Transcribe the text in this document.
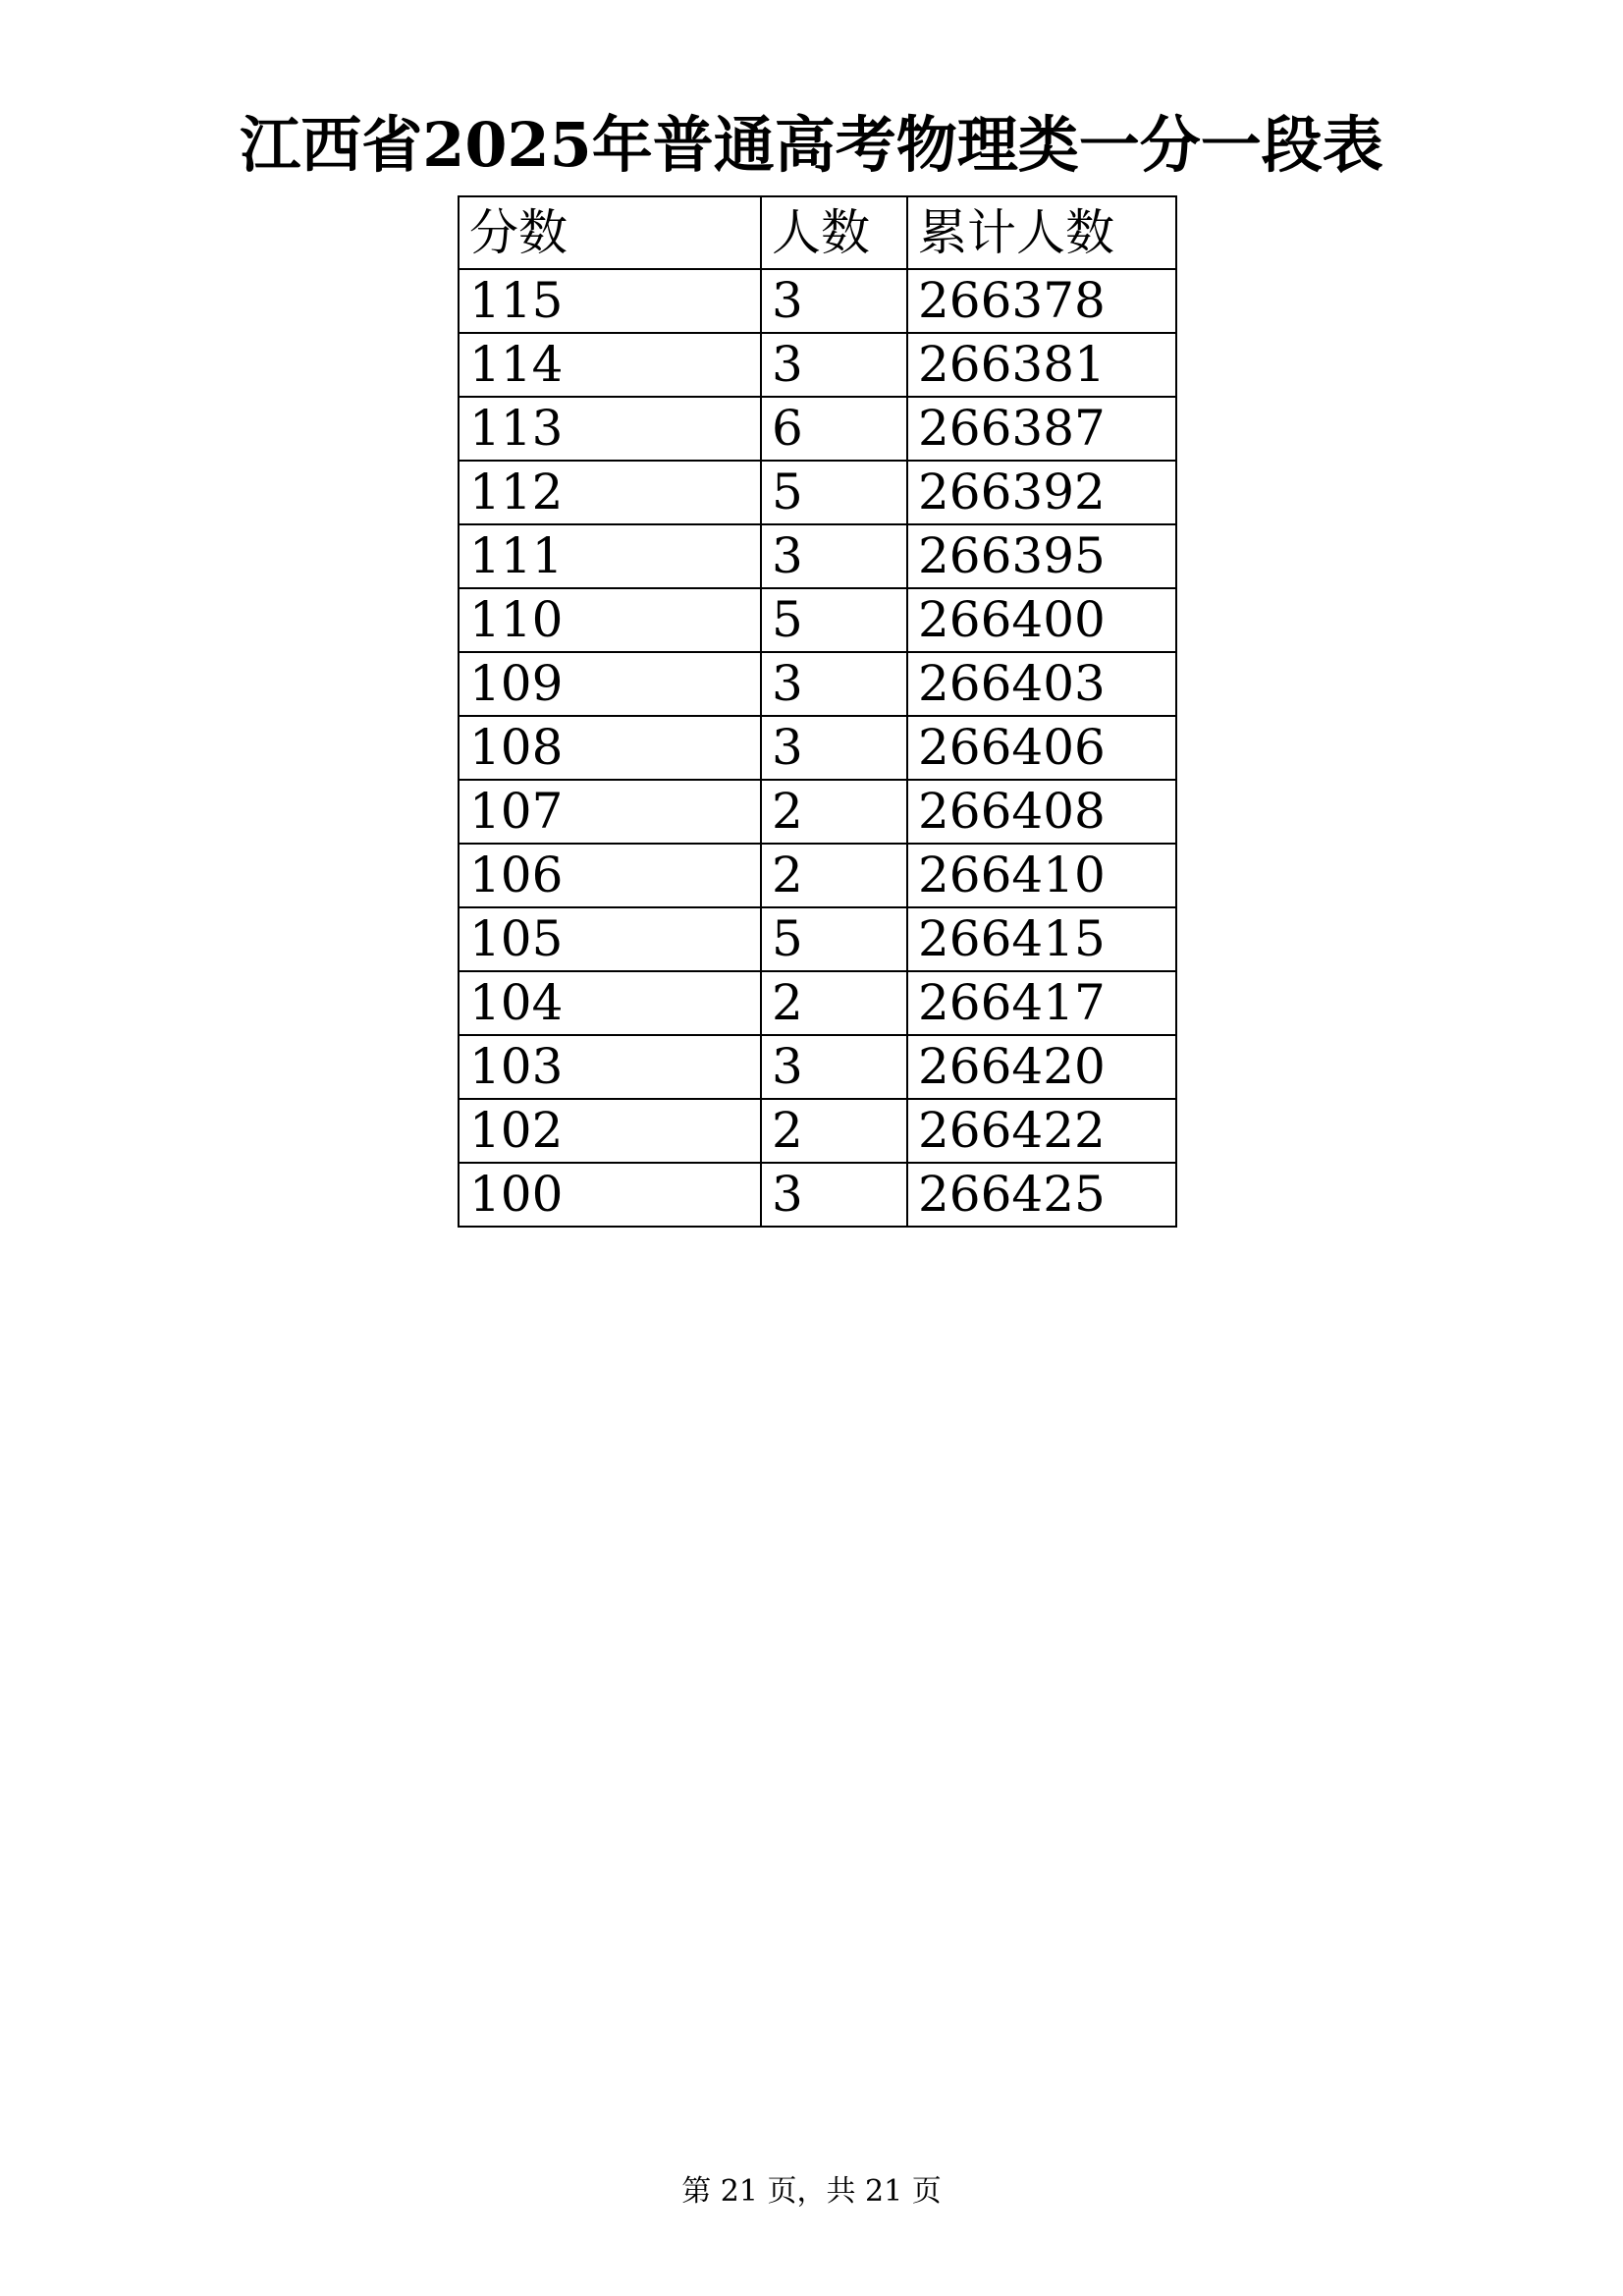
江西省2025年普通高考物理类一分一段表
分数	人数	累计人数
115	3	266378
114	3	266381
113	6	266387
112	5	266392
111	3	266395
110	5	266400
109	3	266403
108	3	266406
107	2	266408
106	2	266410
105	5	266415
104	2	266417
103	3	266420
102	2	266422
100	3	266425
第 21 页，共 21 页
